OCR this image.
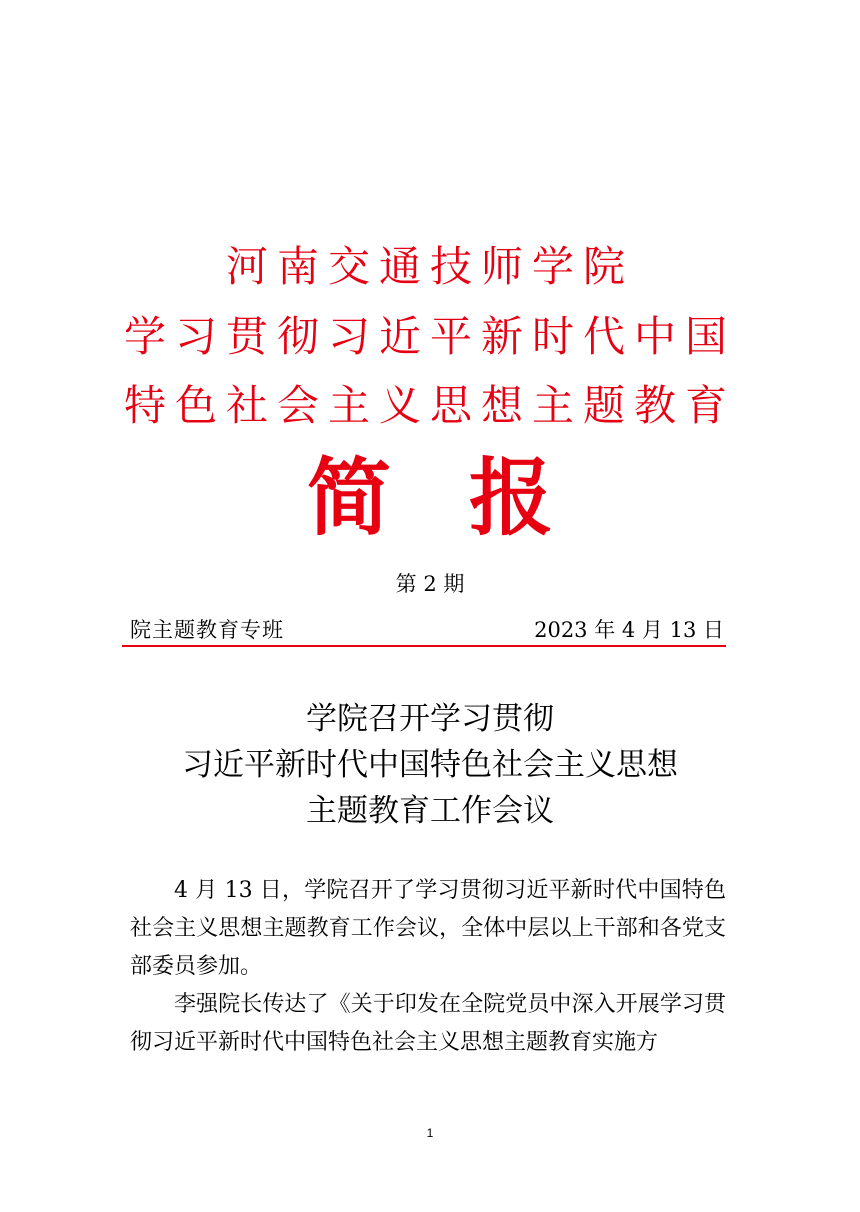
河南交通技师学院
学习贯彻习近平新时代中国
特色社会主义思想主题教育
简报
第 2 期
院主题教育专班	2023 年 4 月 13 日
学院召开学习贯彻
习近平新时代中国特色社会主义思想
主题教育工作会议

4 月 13 日，学院召开了学习贯彻习近平新时代中国特色社会主义思想主题教育工作会议，全体中层以上干部和各党支部委员参加。

李强院长传达了《关于印发在全院党员中深入开展学习贯彻习近平新时代中国特色社会主义思想主题教育实施方

1
